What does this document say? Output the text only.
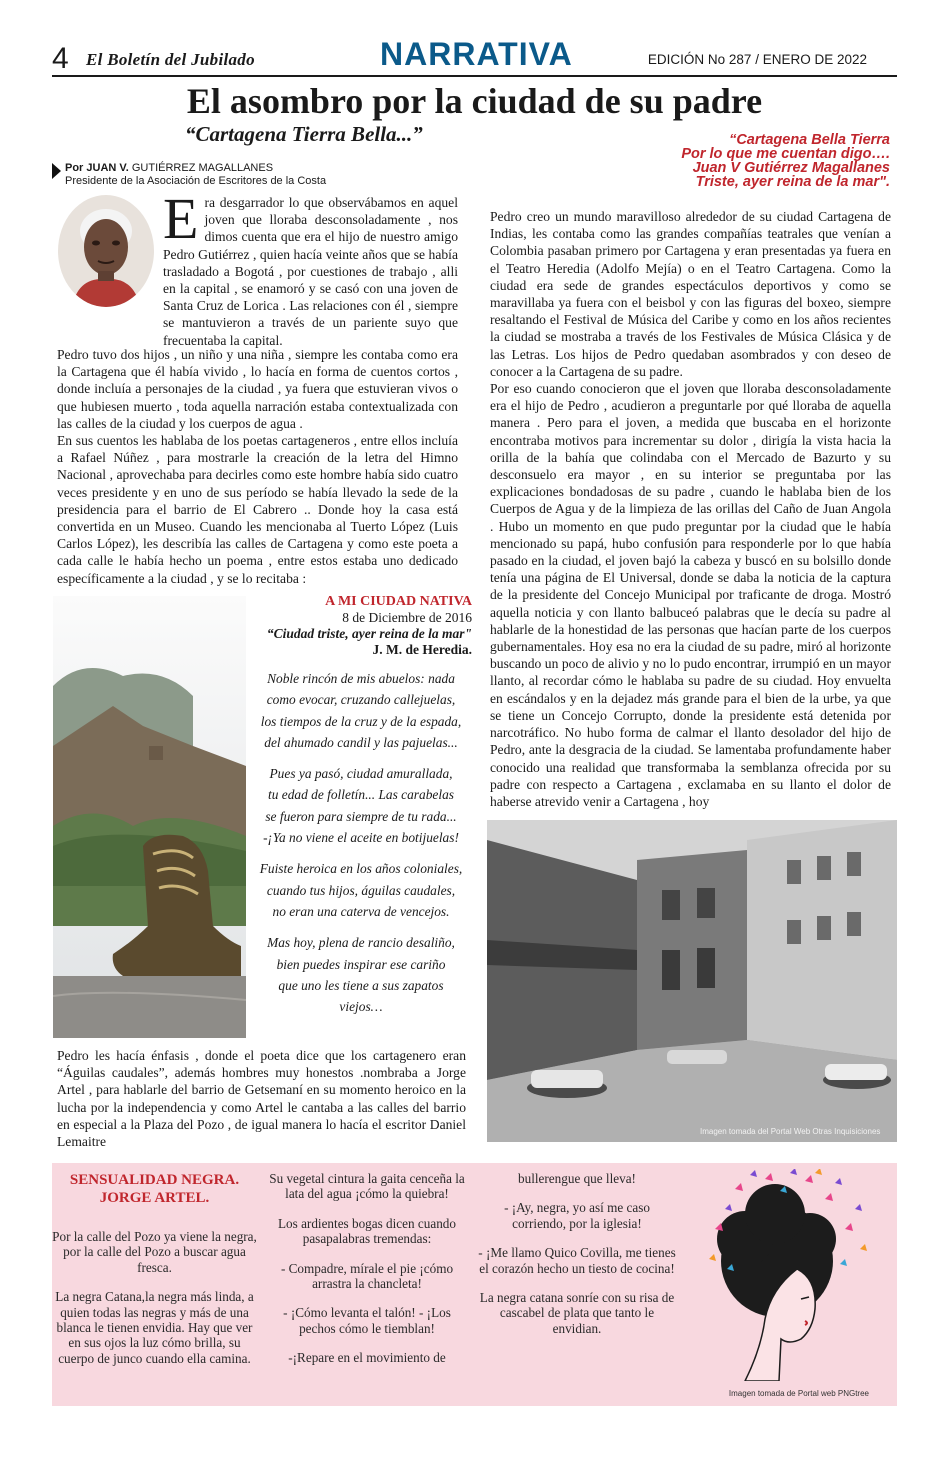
4 El Boletín del Jubilado	NARRATIVA	EDICIÓN No 287 / ENERO DE 2022
El asombro por la ciudad de su padre
“Cartagena Tierra Bella...”	“Cartagena Bella Tierra
Por lo que me cuentan digo….
Juan V Gutiérrez Magallanes
Triste, ayer reina de la mar".
Por JUAN V. GUTIÉRREZ MAGALLANES
Presidente de la Asociación de Escritores de la Costa
Era desgarrador lo que observábamos en aquel joven que lloraba desconsoladamente , nos dimos cuenta que era el hijo de nuestro amigo Pedro Gutiérrez , quien hacía veinte años que se había trasladado a Bogotá , por cuestiones de trabajo , alli en la capital , se enamoró y se casó con una joven de Santa Cruz de Lorica . Las relaciones con él , siempre se mantuvieron a través de un pariente suyo que frecuentaba la capital.

Pedro tuvo dos hijos , un niño y una niña , siempre les contaba como era la Cartagena que él había vivido , lo hacía en forma de cuentos cortos , donde incluía a personajes de la ciudad , ya fuera que estuvieran vivos o que hubiesen muerto , toda aquella narración estaba contextualizada con las calles de la ciudad y los cuerpos de agua .

En sus cuentos les hablaba de los poetas cartageneros , entre ellos incluía a Rafael Núñez , para mostrarle la creación de la letra del Himno Nacional , aprovechaba para decirles como este hombre había sido cuatro veces presidente y en uno de sus período se había llevado la sede de la presidencia para el barrio de El Cabrero .. Donde hoy la casa está convertida en un Museo. Cuando les mencionaba al Tuerto López (Luis Carlos López), les describía las calles de Cartagena y como este poeta a cada calle le había hecho un poema , entre estos estaba uno dedicado específicamente a la ciudad , y se lo recitaba :

Pedro creo un mundo maravilloso alrededor de su ciudad Cartagena de Indias, les contaba como las grandes compañías teatrales que venían a Colombia pasaban primero por Cartagena y eran presentadas ya fuera en el Teatro Heredia (Adolfo Mejía) o en el Teatro Cartagena. Como la ciudad era sede de grandes espectáculos deportivos y como se maravillaba ya fuera con el beisbol y con las figuras del boxeo, siempre resaltando el Festival de Música del Caribe y como en los años recientes la ciudad se mostraba a través de los Festivales de Música Clásica y de las Letras. Los hijos de Pedro quedaban asombrados y con deseo de conocer a la Cartagena de su padre.

Por eso cuando conocieron que el joven que lloraba desconsoladamente era el hijo de Pedro , acudieron a preguntarle por qué lloraba de aquella manera . Pero para el joven, a medida que buscaba en el horizonte encontraba motivos para incrementar su dolor , dirigía la vista hacia la orilla de la bahía que colindaba con el Mercado de Bazurto y su desconsuelo era mayor , en su interior se preguntaba por las explicaciones bondadosas de su padre , cuando le hablaba bien de los Cuerpos de Agua y de la limpieza de las orillas del Caño de Juan Angola . Hubo un momento en que pudo preguntar por la ciudad que le había mencionado su papá, hubo confusión para responderle por lo que había pasado en la ciudad, el joven bajó la cabeza y buscó en su bolsillo donde tenía una página de El Universal, donde se daba la noticia de la captura de la presidente del Concejo Municipal por traficante de droga. Mostró aquella noticia y con llanto balbuceó palabras que le decía su padre al hablarle de la honestidad de las personas que hacían parte de los cuerpos gubernamentales. Hoy esa no era la ciudad de su padre, miró al horizonte buscando un poco de alivio y no lo pudo encontrar, irrumpió en un mayor llanto, al recordar cómo le hablaba su padre de su ciudad. Hoy envuelta en escándalos y en la dejadez más grande para el bien de la urbe, ya que se tiene un Concejo Corrupto, donde la presidente está detenida por narcotráfico. No hubo forma de calmar el llanto desolador del hijo de Pedro, ante la desgracia de la ciudad. Se lamentaba profundamente haber conocido una realidad que transformaba la semblanza ofrecida por su padre con respecto a Cartagena , exclamaba en su llanto el dolor de haberse atrevido venir a Cartagena , hoy

A MI CIUDAD NATIVA
8 de Diciembre de 2016
“Ciudad triste, ayer reina de la mar"
J. M. de Heredia.
Noble rincón de mis abuelos: nada
como evocar, cruzando callejuelas,
los tiempos de la cruz y de la espada,
del ahumado candil y las pajuelas...
Pues ya pasó, ciudad amurallada,
tu edad de folletín... Las carabelas
se fueron para siempre de tu rada...
-¡Ya no viene el aceite en botijuelas!
Fuiste heroica en los años coloniales,
cuando tus hijos, águilas caudales,
no eran una caterva de vencejos.
Mas hoy, plena de rancio desaliño,
bien puedes inspirar ese cariño
que uno les tiene a sus zapatos
viejos…

Pedro les hacía énfasis , donde el poeta dice que los cartagenero eran “Águilas caudales”, además hombres muy honestos .nombraba a Jorge Artel , para hablarle del barrio de Getsemaní en su momento heroico en la lucha por la independencia y como Artel le cantaba a las calles del barrio en especial a la Plaza del Pozo , de igual manera lo hacía el escritor Daniel Lemaitre

Imagen tomada del Portal Web Otras Inquisiciones
SENSUALIDAD NEGRA.
JORGE ARTEL.

Por la calle del Pozo ya viene la negra, por la calle del Pozo a buscar agua fresca.

La negra Catana,la negra más linda, a quien todas las negras y más de una blanca le tienen envidia. Hay que ver en sus ojos la luz cómo brilla, su cuerpo de junco cuando ella camina.

Su vegetal cintura la gaita cenceña la lata del agua ¡cómo la quiebra!

Los ardientes bogas dicen cuando pasapalabras tremendas:

- Compadre, mírale el pie ¡cómo arrastra la chancleta!

- ¡Cómo levanta el talón! - ¡Los pechos cómo le tiemblan!

-¡Repare en el movimiento de

bullerengue que lleva!

- ¡Ay, negra, yo así me caso corriendo, por la iglesia!

- ¡Me llamo Quico Covilla, me tienes el corazón hecho un tiesto de cocina!

La negra catana sonríe con su risa de cascabel de plata que tanto le envidian.

Imagen tomada de Portal web PNGtree
